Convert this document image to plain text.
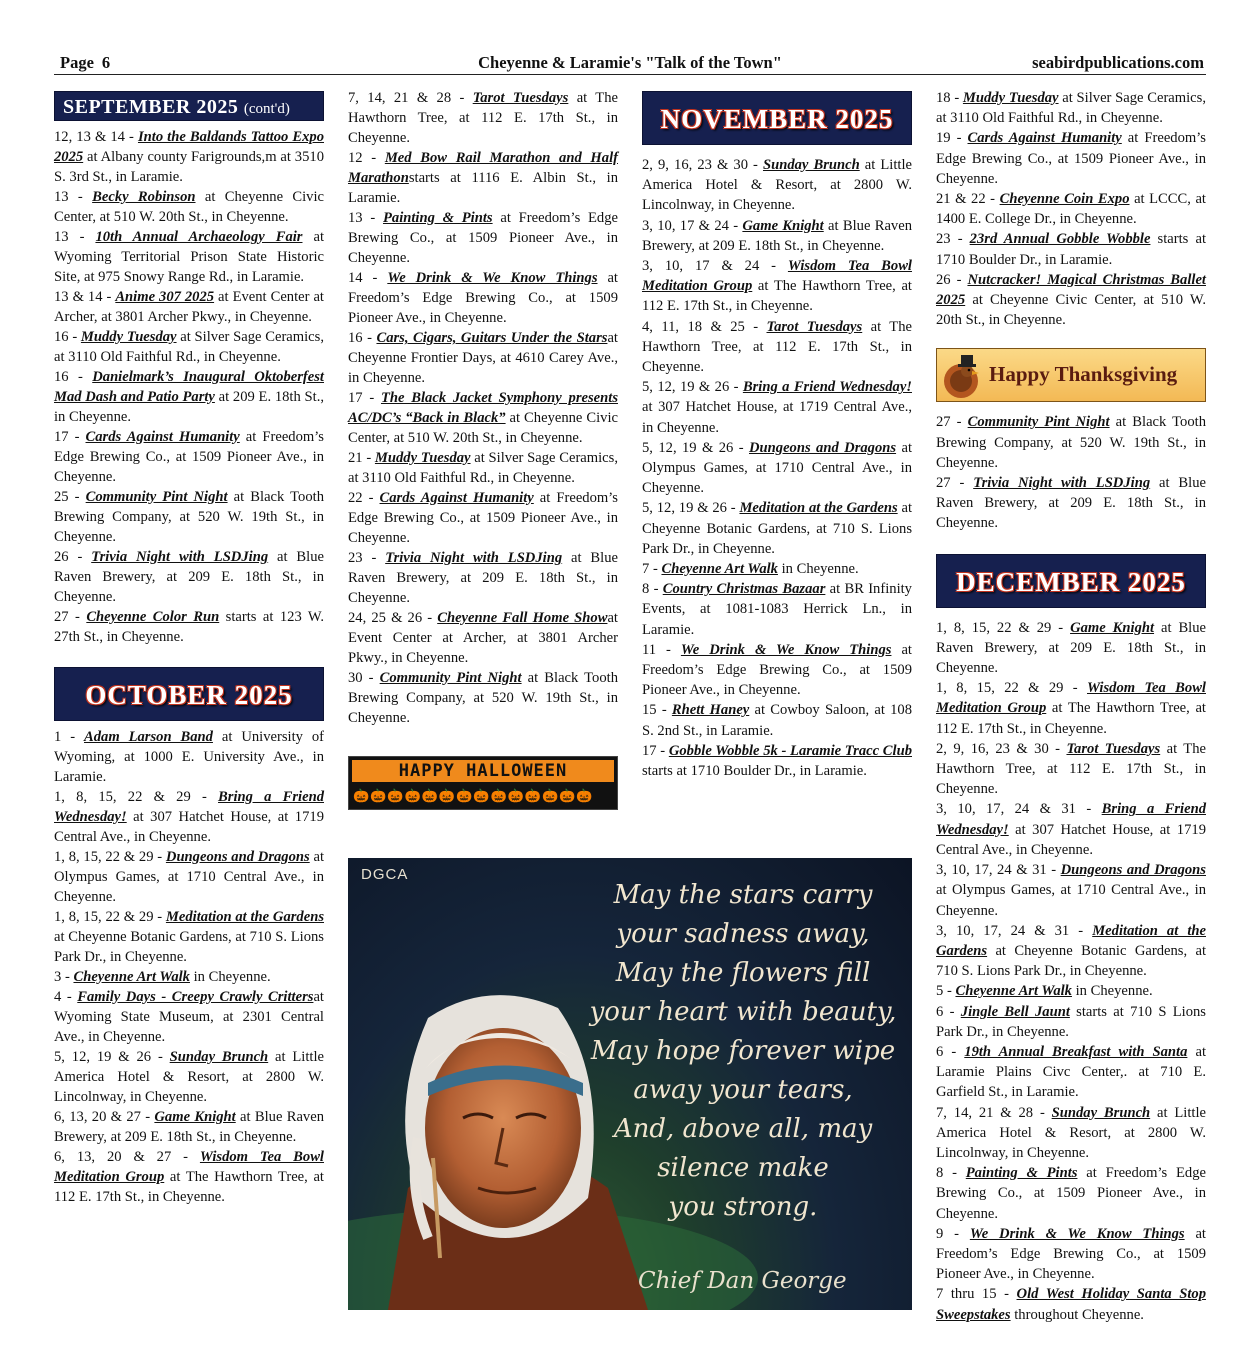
Page 6	Cheyenne & Laramie's "Talk of the Town"	seabirdpublications.com
SEPTEMBER 2025 (cont'd)

12, 13 & 14 - Into the Baldands Tattoo Expo 2025 at Albany county Farigrounds,m at 3510 S. 3rd St., in Laramie.

13 - Becky Robinson at Cheyenne Civic Center, at 510 W. 20th St., in Cheyenne.

13 - 10th Annual Archaeology Fair at Wyoming Territorial Prison State Historic Site, at 975 Snowy Range Rd., in Laramie.

13 & 14 - Anime 307 2025 at Event Center at Archer, at 3801 Archer Pkwy., in Cheyenne.

16 - Muddy Tuesday at Silver Sage Ceramics, at 3110 Old Faithful Rd., in Cheyenne.

16 - Danielmark’s Inaugural Oktoberfest Mad Dash and Patio Party at 209 E. 18th St., in Cheyenne.

17 - Cards Against Humanity at Freedom’s Edge Brewing Co., at 1509 Pioneer Ave., in Cheyenne.

25 - Community Pint Night at Black Tooth Brewing Company, at 520 W. 19th St., in Cheyenne.

26 - Trivia Night with LSDJing at Blue Raven Brewery, at 209 E. 18th St., in Cheyenne.

27 - Cheyenne Color Run starts at 123 W. 27th St., in Cheyenne.

OCTOBER 2025

1 - Adam Larson Band at University of Wyoming, at 1000 E. University Ave., in Laramie.

1, 8, 15, 22 & 29 - Bring a Friend Wednesday! at 307 Hatchet House, at 1719 Central Ave., in Cheyenne.

1, 8, 15, 22 & 29 - Dungeons and Dragons at Olympus Games, at 1710 Central Ave., in Cheyenne.

1, 8, 15, 22 & 29 - Meditation at the Gardens at Cheyenne Botanic Gardens, at 710 S. Lions Park Dr., in Cheyenne.

3 - Cheyenne Art Walk in Cheyenne.

4 - Family Days - Creepy Crawly Crittersat Wyoming State Museum, at 2301 Central Ave., in Cheyenne.

5, 12, 19 & 26 - Sunday Brunch at Little America Hotel & Resort, at 2800 W. Lincolnway, in Cheyenne.

6, 13, 20 & 27 - Game Knight at Blue Raven Brewery, at 209 E. 18th St., in Cheyenne.

6, 13, 20 & 27 - Wisdom Tea Bowl Meditation Group at The Hawthorn Tree, at 112 E. 17th St., in Cheyenne.

7, 14, 21 & 28 - Tarot Tuesdays at The Hawthorn Tree, at 112 E. 17th St., in Cheyenne.

12 - Med Bow Rail Marathon and Half Marathonstarts at 1116 E. Albin St., in Laramie.

13 - Painting & Pints at Freedom’s Edge Brewing Co., at 1509 Pioneer Ave., in Cheyenne.

14 - We Drink & We Know Things at Freedom’s Edge Brewing Co., at 1509 Pioneer Ave., in Cheyenne.

16 - Cars, Cigars, Guitars Under the Starsat Cheyenne Frontier Days, at 4610 Carey Ave., in Cheyenne.

17 - The Black Jacket Symphony presents AC/DC’s “Back in Black” at Cheyenne Civic Center, at 510 W. 20th St., in Cheyenne.

21 - Muddy Tuesday at Silver Sage Ceramics, at 3110 Old Faithful Rd., in Cheyenne.

22 - Cards Against Humanity at Freedom’s Edge Brewing Co., at 1509 Pioneer Ave., in Cheyenne.

23 - Trivia Night with LSDJing at Blue Raven Brewery, at 209 E. 18th St., in Cheyenne.

24, 25 & 26 - Cheyenne Fall Home Showat Event Center at Archer, at 3801 Archer Pkwy., in Cheyenne.

30 - Community Pint Night at Black Tooth Brewing Company, at 520 W. 19th St., in Cheyenne.

HAPPY HALLOWEEN
🎃🎃🎃🎃🎃🎃🎃🎃🎃🎃🎃🎃🎃🎃
NOVEMBER 2025

2, 9, 16, 23 & 30 - Sunday Brunch at Little America Hotel & Resort, at 2800 W. Lincolnway, in Cheyenne.

3, 10, 17 & 24 - Game Knight at Blue Raven Brewery, at 209 E. 18th St., in Cheyenne.

3, 10, 17 & 24 - Wisdom Tea Bowl Meditation Group at The Hawthorn Tree, at 112 E. 17th St., in Cheyenne.

4, 11, 18 & 25 - Tarot Tuesdays at The Hawthorn Tree, at 112 E. 17th St., in Cheyenne.

5, 12, 19 & 26 - Bring a Friend Wednesday! at 307 Hatchet House, at 1719 Central Ave., in Cheyenne.

5, 12, 19 & 26 - Dungeons and Dragons at Olympus Games, at 1710 Central Ave., in Cheyenne.

5, 12, 19 & 26 - Meditation at the Gardens at Cheyenne Botanic Gardens, at 710 S. Lions Park Dr., in Cheyenne.

7 - Cheyenne Art Walk in Cheyenne.

8 - Country Christmas Bazaar at BR Infinity Events, at 1081-1083 Herrick Ln., in Laramie.

11 - We Drink & We Know Things at Freedom’s Edge Brewing Co., at 1509 Pioneer Ave., in Cheyenne.

15 - Rhett Haney at Cowboy Saloon, at 108 S. 2nd St., in Laramie.

17 - Gobble Wobble 5k - Laramie Tracc Club starts at 1710 Boulder Dr., in Laramie.

18 - Muddy Tuesday at Silver Sage Ceramics, at 3110 Old Faithful Rd., in Cheyenne.

19 - Cards Against Humanity at Freedom’s Edge Brewing Co., at 1509 Pioneer Ave., in Cheyenne.

21 & 22 - Cheyenne Coin Expo at LCCC, at 1400 E. College Dr., in Cheyenne.

23 - 23rd Annual Gobble Wobble starts at 1710 Boulder Dr., in Laramie.

26 - Nutcracker! Magical Christmas Ballet 2025 at Cheyenne Civic Center, at 510 W. 20th St., in Cheyenne.

Happy Thanksgiving

27 - Community Pint Night at Black Tooth Brewing Company, at 520 W. 19th St., in Cheyenne.

27 - Trivia Night with LSDJing at Blue Raven Brewery, at 209 E. 18th St., in Cheyenne.

DECEMBER 2025

1, 8, 15, 22 & 29 - Game Knight at Blue Raven Brewery, at 209 E. 18th St., in Cheyenne.

1, 8, 15, 22 & 29 - Wisdom Tea Bowl Meditation Group at The Hawthorn Tree, at 112 E. 17th St., in Cheyenne.

2, 9, 16, 23 & 30 - Tarot Tuesdays at The Hawthorn Tree, at 112 E. 17th St., in Cheyenne.

3, 10, 17, 24 & 31 - Bring a Friend Wednesday! at 307 Hatchet House, at 1719 Central Ave., in Cheyenne.

3, 10, 17, 24 & 31 - Dungeons and Dragons at Olympus Games, at 1710 Central Ave., in Cheyenne.

3, 10, 17, 24 & 31 - Meditation at the Gardens at Cheyenne Botanic Gardens, at 710 S. Lions Park Dr., in Cheyenne.

5 - Cheyenne Art Walk in Cheyenne.

6 - Jingle Bell Jaunt starts at 710 S Lions Park Dr., in Cheyenne.

6 - 19th Annual Breakfast with Santa at Laramie Plains Civc Center,. at 710 E. Garfield St., in Laramie.

7, 14, 21 & 28 - Sunday Brunch at Little America Hotel & Resort, at 2800 W. Lincolnway, in Cheyenne.

8 - Painting & Pints at Freedom’s Edge Brewing Co., at 1509 Pioneer Ave., in Cheyenne.

9 - We Drink & We Know Things at Freedom’s Edge Brewing Co., at 1509 Pioneer Ave., in Cheyenne.

7 thru 15 - Old West Holiday Santa Stop Sweepstakes throughout Cheyenne.

DGCA
May the stars carry
your sadness away,
May the flowers fill
your heart with beauty,
May hope forever wipe
away your tears,
And, above all, may
silence make
you strong.
Chief Dan George
